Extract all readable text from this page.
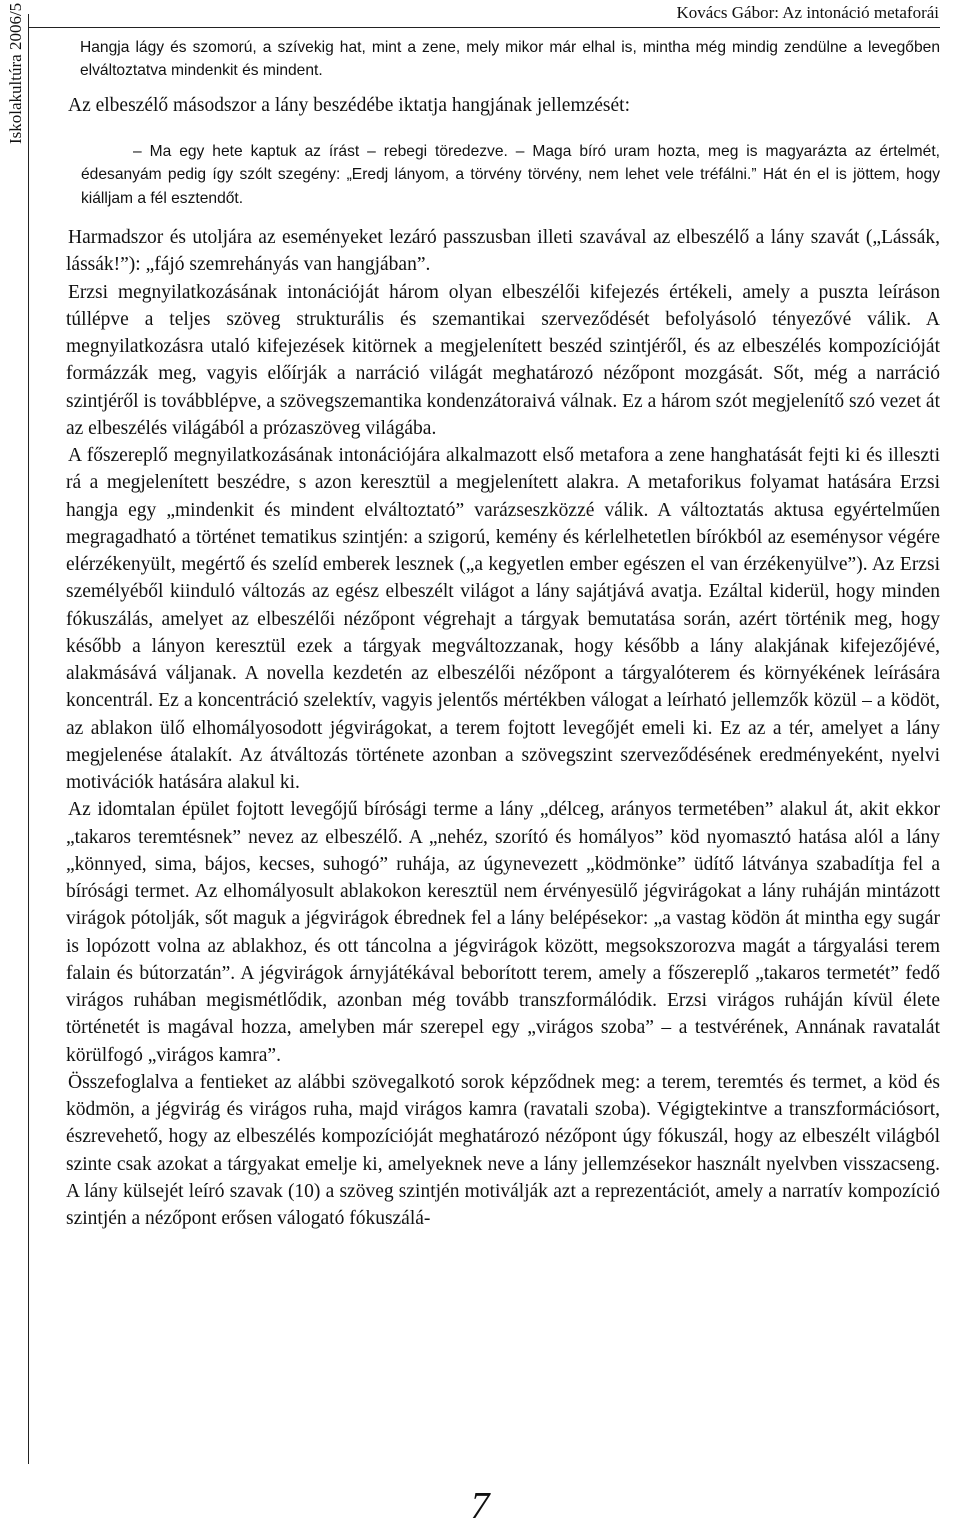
Iskolakultúra 2006/5	Kovács Gábor: Az intonáció metaforái

Hangja lágy és szomorú, a szívekig hat, mint a zene, mely mikor már elhal is, mintha még mindig zendülne a levegőben elváltoztatva mindenkit és mindent.

Az elbeszélő másodszor a lány beszédébe iktatja hangjának jellemzését:

– Ma egy hete kaptuk az írást – rebegi töredezve. – Maga bíró uram hozta, meg is magyarázta az értelmét, édesanyám pedig így szólt szegény: „Eredj lányom, a törvény törvény, nem lehet vele tréfálni.” Hát én el is jöttem, hogy kiálljam a fél esztendőt.

Harmadszor és utoljára az eseményeket lezáró passzusban illeti szavával az elbeszélő a lány szavát („Lássák, lássák!”): „fájó szemrehányás van hangjában”.

Erzsi megnyilatkozásának intonációját három olyan elbeszélői kifejezés értékeli, amely a puszta leíráson túllépve a teljes szöveg strukturális és szemantikai szerveződését befolyásoló tényezővé válik. A megnyilatkozásra utaló kifejezések kitörnek a megjelenített beszéd szintjéről, és az elbeszélés kompozícióját formázzák meg, vagyis előírják a narráció világát meghatározó nézőpont mozgását. Sőt, még a narráció szintjéről is továbblépve, a szövegszemantika kondenzátoraivá válnak. Ez a három szót megjelenítő szó vezet át az elbeszélés világából a prózaszöveg világába.

A főszereplő megnyilatkozásának intonációjára alkalmazott első metafora a zene hanghatását fejti ki és illeszti rá a megjelenített beszédre, s azon keresztül a megjelenített alakra. A metaforikus folyamat hatására Erzsi hangja egy „mindenkit és mindent elváltoztató” varázseszközzé válik. A változtatás aktusa egyértelműen megragadható a történet tematikus szintjén: a szigorú, kemény és kérlelhetetlen bírókból az eseménysor végére elérzékenyült, megértő és szelíd emberek lesznek („a kegyetlen ember egészen el van érzékenyülve”). Az Erzsi személyéből kiinduló változás az egész elbeszélt világot a lány sajátjává avatja. Ezáltal kiderül, hogy minden fókuszálás, amelyet az elbeszélői nézőpont végrehajt a tárgyak bemutatása során, azért történik meg, hogy később a lányon keresztül ezek a tárgyak megváltozzanak, hogy később a lány alakjának kifejezőjévé, alakmásává váljanak. A novella kezdetén az elbeszélői nézőpont a tárgyalóterem és környékének leírására koncentrál. Ez a koncentráció szelektív, vagyis jelentős mértékben válogat a leírható jellemzők közül – a ködöt, az ablakon ülő elhomályosodott jégvirágokat, a terem fojtott levegőjét emeli ki. Ez az a tér, amelyet a lány megjelenése átalakít. Az átváltozás története azonban a szövegszint szerveződésének eredményeként, nyelvi motivációk hatására alakul ki.

Az idomtalan épület fojtott levegőjű bírósági terme a lány „délceg, arányos termetében” alakul át, akit ekkor „takaros teremtésnek” nevez az elbeszélő. A „nehéz, szorító és homályos” köd nyomasztó hatása alól a lány „könnyed, sima, bájos, kecses, suhogó” ruhája, az úgynevezett „ködmönke” üdítő látványa szabadítja fel a bírósági termet. Az elhomályosult ablakokon keresztül nem érvényesülő jégvirágokat a lány ruháján mintázott virágok pótolják, sőt maguk a jégvirágok ébrednek fel a lány belépésekor: „a vastag ködön át mintha egy sugár is lopózott volna az ablakhoz, és ott táncolna a jégvirágok között, megsokszorozva magát a tárgyalási terem falain és bútorzatán”. A jégvirágok árnyjátékával beborított terem, amely a főszereplő „takaros termetét” fedő virágos ruhában megismétlődik, azonban még tovább transzformálódik. Erzsi virágos ruháján kívül élete történetét is magával hozza, amelyben már szerepel egy „virágos szoba” – a testvérének, Annának ravatalát körülfogó „virágos kamra”.

Összefoglalva a fentieket az alábbi szövegalkotó sorok képződnek meg: a terem, teremtés és termet, a köd és ködmön, a jégvirág és virágos ruha, majd virágos kamra (ravatali szoba). Végigtekintve a transzformációsort, észrevehető, hogy az elbeszélés kompozícióját meghatározó nézőpont úgy fókuszál, hogy az elbeszélt világból szinte csak azokat a tárgyakat emelje ki, amelyeknek neve a lány jellemzésekor használt nyelvben visszacseng. A lány külsejét leíró szavak (10) a szöveg szintjén motiválják azt a reprezentációt, amely a narratív kompozíció szintjén a nézőpont erősen válogató fókuszálá-

7
